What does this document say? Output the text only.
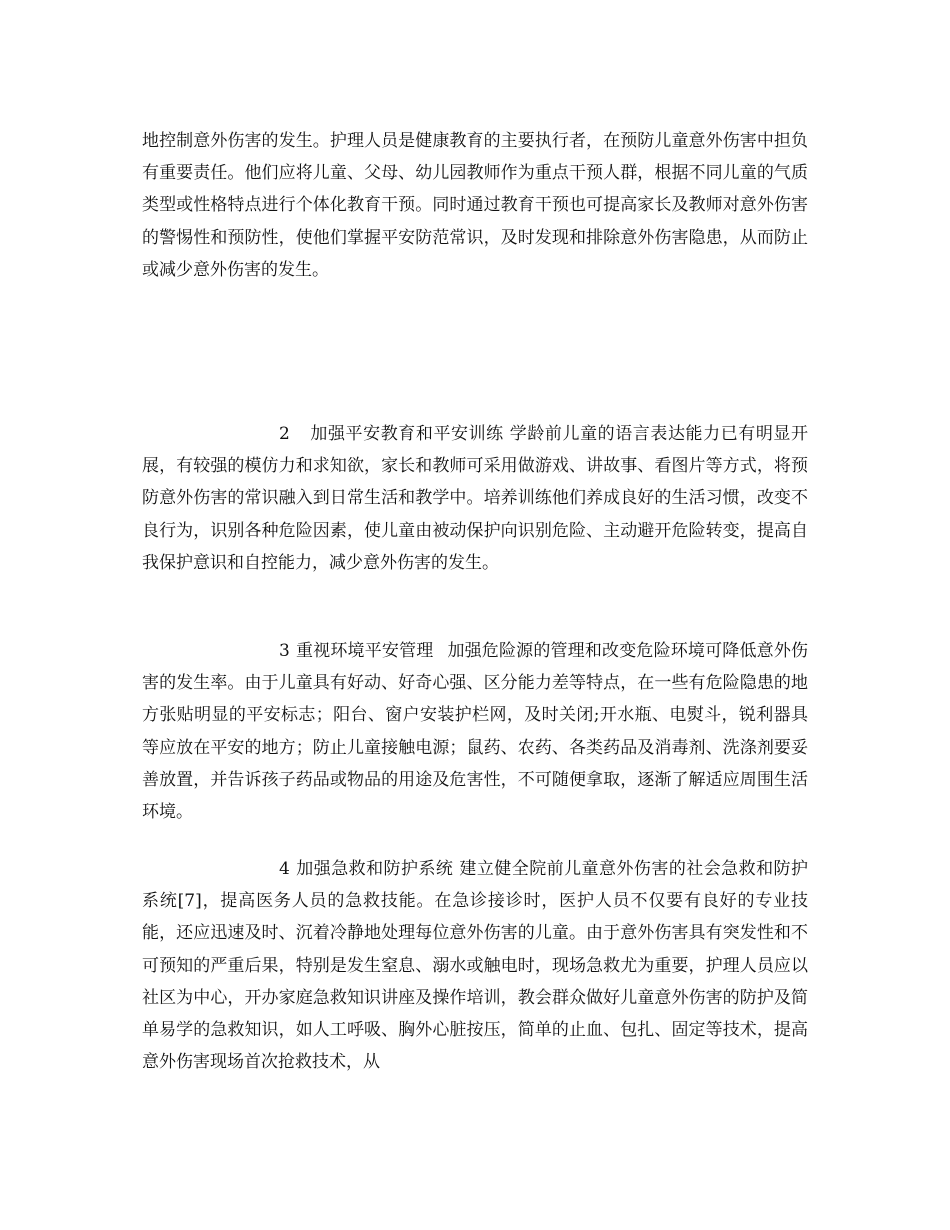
地控制意外伤害的发生。护理人员是健康教育的主要执行者，在预防儿童意外伤害中担负有重要责任。他们应将儿童、父母、幼儿园教师作为重点干预人群，根据不同儿童的气质类型或性格特点进行个体化教育干预。同时通过教育干预也可提高家长及教师对意外伤害的警惕性和预防性，使他们掌握平安防范常识，及时发现和排除意外伤害隐患，从而防止或减少意外伤害的发生。

2 加强平安教育和平安训练 学龄前儿童的语言表达能力已有明显开展，有较强的模仿力和求知欲，家长和教师可采用做游戏、讲故事、看图片等方式，将预防意外伤害的常识融入到日常生活和教学中。培养训练他们养成良好的生活习惯，改变不良行为，识别各种危险因素，使儿童由被动保护向识别危险、主动避开危险转变，提高自我保护意识和自控能力，减少意外伤害的发生。

3 重视环境平安管理 加强危险源的管理和改变危险环境可降低意外伤害的发生率。由于儿童具有好动、好奇心强、区分能力差等特点，在一些有危险隐患的地方张贴明显的平安标志；阳台、窗户安装护栏网，及时关闭;开水瓶、电熨斗，锐利器具等应放在平安的地方；防止儿童接触电源；鼠药、农药、各类药品及消毒剂、洗涤剂要妥善放置，并告诉孩子药品或物品的用途及危害性，不可随便拿取，逐渐了解适应周围生活环境。

4 加强急救和防护系统 建立健全院前儿童意外伤害的社会急救和防护系统[7]，提高医务人员的急救技能。在急诊接诊时，医护人员不仅要有良好的专业技能，还应迅速及时、沉着冷静地处理每位意外伤害的儿童。由于意外伤害具有突发性和不可预知的严重后果，特别是发生窒息、溺水或触电时，现场急救尤为重要，护理人员应以社区为中心，开办家庭急救知识讲座及操作培训，教会群众做好儿童意外伤害的防护及简单易学的急救知识，如人工呼吸、胸外心脏按压，简单的止血、包扎、固定等技术，提高意外伤害现场首次抢救技术，从
